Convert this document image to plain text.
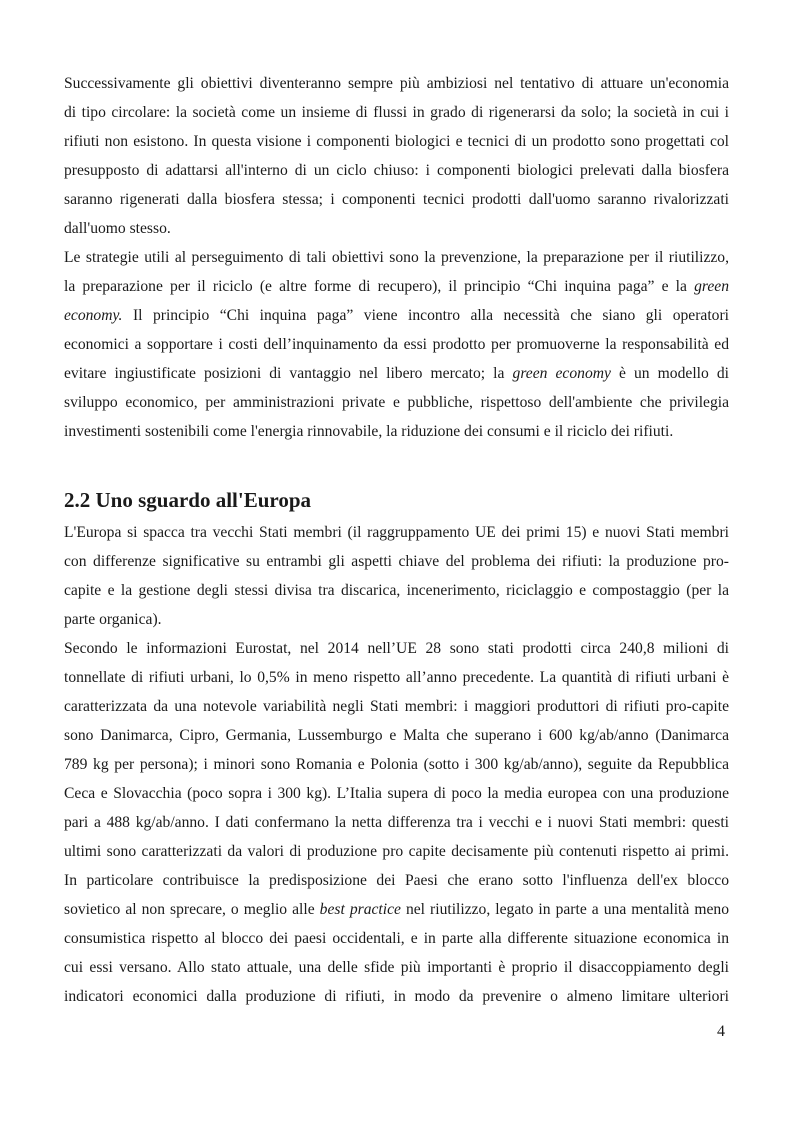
Successivamente gli obiettivi diventeranno sempre più ambiziosi nel tentativo di attuare un'economia
di tipo circolare: la società come un insieme di flussi in grado di rigenerarsi da solo; la società in cui i
rifiuti non esistono. In questa visione i componenti biologici e tecnici di un prodotto sono progettati col
presupposto di adattarsi all'interno di un ciclo chiuso: i componenti biologici prelevati dalla biosfera
saranno rigenerati dalla biosfera stessa; i componenti tecnici prodotti dall'uomo saranno rivalorizzati
dall'uomo stesso.
Le strategie utili al perseguimento di tali obiettivi sono la prevenzione, la preparazione per il riutilizzo,
la preparazione per il riciclo (e altre forme di recupero), il principio “Chi inquina paga” e la green
economy. Il principio “Chi inquina paga” viene incontro alla necessità che siano gli operatori
economici a sopportare i costi dell’inquinamento da essi prodotto per promuoverne la responsabilità ed
evitare ingiustificate posizioni di vantaggio nel libero mercato; la green economy è un modello di
sviluppo economico, per amministrazioni private e pubbliche, rispettoso dell'ambiente che privilegia
investimenti sostenibili come l'energia rinnovabile, la riduzione dei consumi e il riciclo dei rifiuti.
2.2 Uno sguardo all'Europa
L'Europa si spacca tra vecchi Stati membri (il raggruppamento UE dei primi 15) e nuovi Stati membri
con differenze significative su entrambi gli aspetti chiave del problema dei rifiuti: la produzione pro-
capite e la gestione degli stessi divisa tra discarica, incenerimento, riciclaggio e compostaggio (per la
parte organica).
Secondo le informazioni Eurostat, nel 2014 nell’UE 28 sono stati prodotti circa 240,8 milioni di
tonnellate di rifiuti urbani, lo 0,5% in meno rispetto all’anno precedente. La quantità di rifiuti urbani è
caratterizzata da una notevole variabilità negli Stati membri: i maggiori produttori di rifiuti pro-capite
sono Danimarca, Cipro, Germania, Lussemburgo e Malta che superano i 600 kg/ab/anno (Danimarca
789 kg per persona); i minori sono Romania e Polonia (sotto i 300 kg/ab/anno), seguite da Repubblica
Ceca e Slovacchia (poco sopra i 300 kg). L’Italia supera di poco la media europea con una produzione
pari a 488 kg/ab/anno. I dati confermano la netta differenza tra i vecchi e i nuovi Stati membri: questi
ultimi sono caratterizzati da valori di produzione pro capite decisamente più contenuti rispetto ai primi.
In particolare contribuisce la predisposizione dei Paesi che erano sotto l'influenza dell'ex blocco
sovietico al non sprecare, o meglio alle best practice nel riutilizzo, legato in parte a una mentalità meno
consumistica rispetto al blocco dei paesi occidentali, e in parte alla differente situazione economica in
cui essi versano. Allo stato attuale, una delle sfide più importanti è proprio il disaccoppiamento degli
indicatori economici dalla produzione di rifiuti, in modo da prevenire o almeno limitare ulteriori
4
